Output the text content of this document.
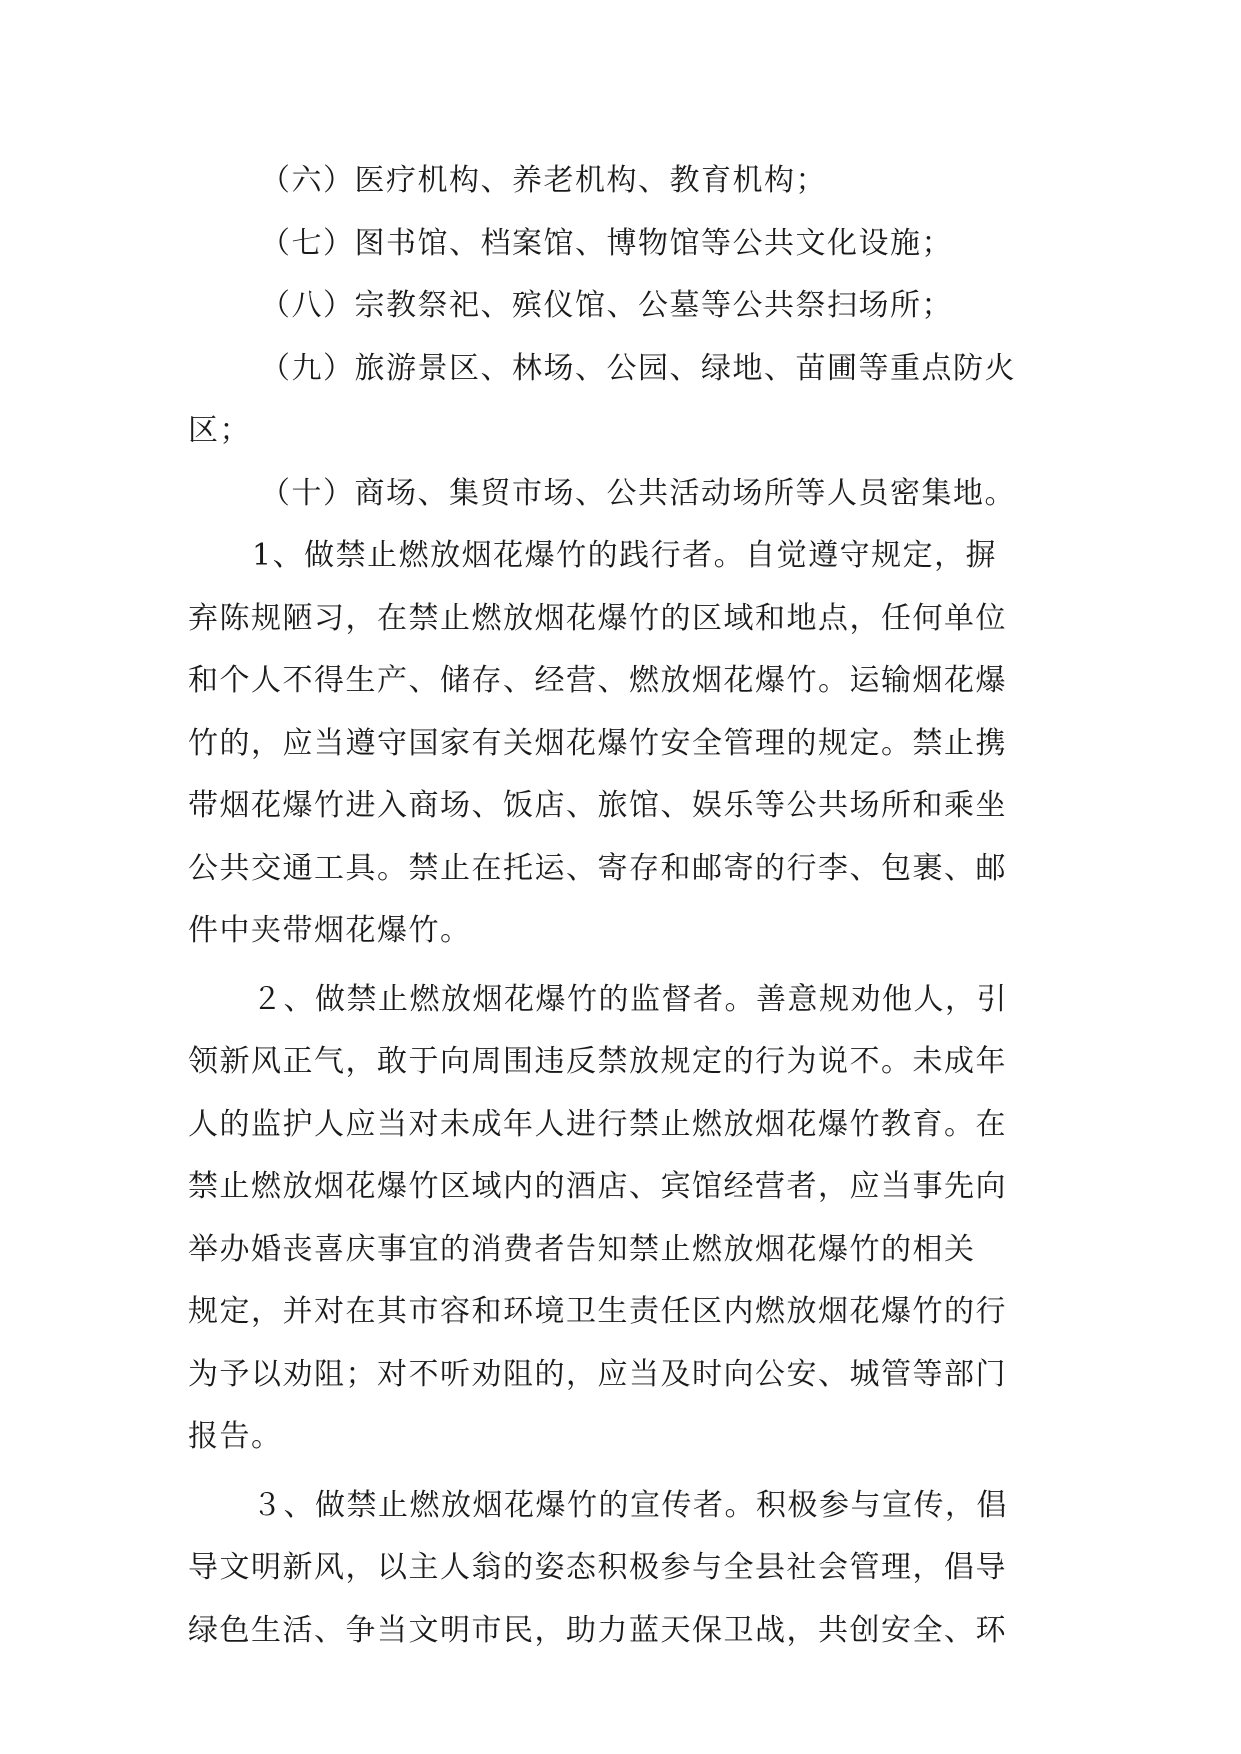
（六）医疗机构、养老机构、教育机构；
（七）图书馆、档案馆、博物馆等公共文化设施；
（八）宗教祭祀、殡仪馆、公墓等公共祭扫场所；
（九）旅游景区、林场、公园、绿地、苗圃等重点防火
区；
（十）商场、集贸市场、公共活动场所等人员密集地。
1、做禁止燃放烟花爆竹的践行者。自觉遵守规定，摒
弃陈规陋习，在禁止燃放烟花爆竹的区域和地点，任何单位
和个人不得生产、储存、经营、燃放烟花爆竹。运输烟花爆
竹的，应当遵守国家有关烟花爆竹安全管理的规定。禁止携
带烟花爆竹进入商场、饭店、旅馆、娱乐等公共场所和乘坐
公共交通工具。禁止在托运、寄存和邮寄的行李、包裹、邮
件中夹带烟花爆竹。
２、做禁止燃放烟花爆竹的监督者。善意规劝他人，引
领新风正气，敢于向周围违反禁放规定的行为说不。未成年
人的监护人应当对未成年人进行禁止燃放烟花爆竹教育。在
禁止燃放烟花爆竹区域内的酒店、宾馆经营者，应当事先向
举办婚丧喜庆事宜的消费者告知禁止燃放烟花爆竹的相关
规定，并对在其市容和环境卫生责任区内燃放烟花爆竹的行
为予以劝阻；对不听劝阻的，应当及时向公安、城管等部门
报告。
３、做禁止燃放烟花爆竹的宣传者。积极参与宣传，倡
导文明新风，以主人翁的姿态积极参与全县社会管理，倡导
绿色生活、争当文明市民，助力蓝天保卫战，共创安全、环
